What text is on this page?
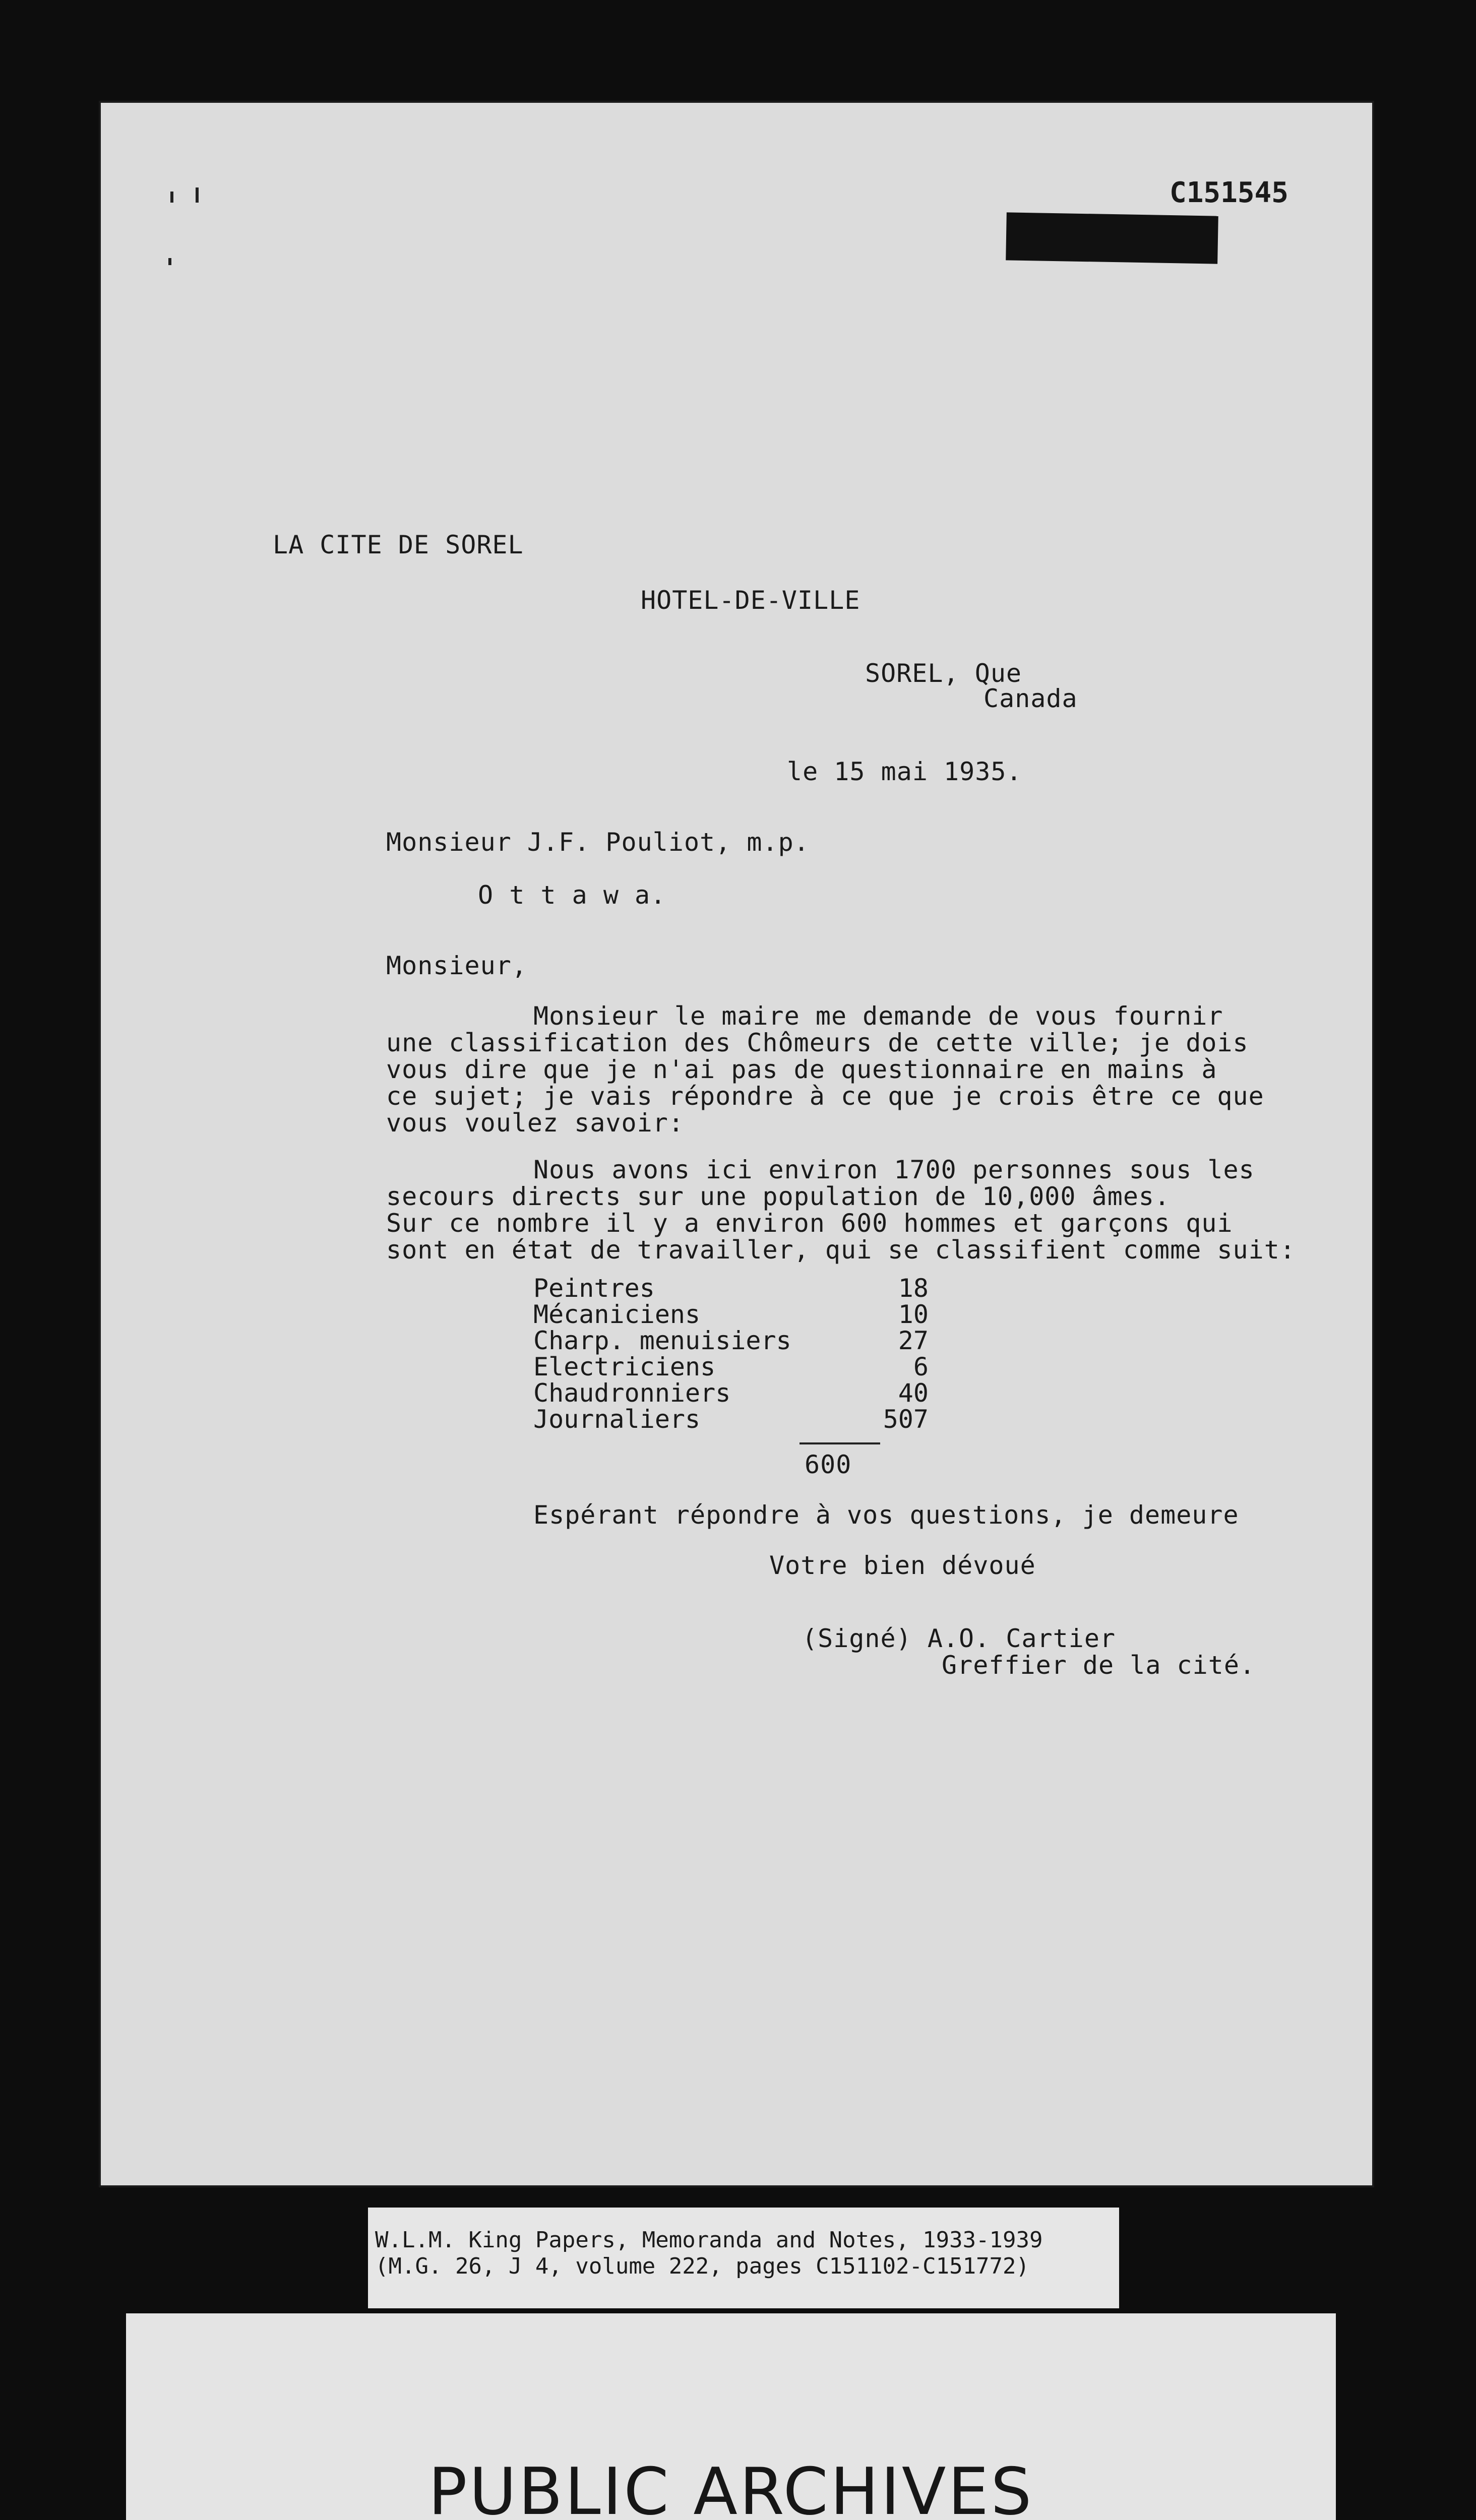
C151545
LA CITE DE SOREL
HOTEL-DE-VILLE
SOREL, Que
Canada
le 15 mai 1935.
Monsieur J.F. Pouliot, m.p.
O t t a w a.
Monsieur,
Monsieur le maire me demande de vous fournir
une classification des Chômeurs de cette ville; je dois
vous dire que je n'ai pas de questionnaire en mains à
ce sujet; je vais répondre à ce que je crois être ce que
vous voulez savoir:
Nous avons ici environ 1700 personnes sous les
secours directs sur une population de 10,000 âmes.
Sur ce nombre il y a environ 600 hommes et garçons qui
sont en état de travailler, qui se classifient comme suit:
Peintres	18
Mécaniciens	10
Charp. menuisiers	27
Electriciens	6
Chaudronniers	40
Journaliers	507
600
Espérant répondre à vos questions, je demeure
Votre bien dévoué
(Signé) A.O. Cartier
Greffier de la cité.
W.L.M. King Papers, Memoranda and Notes, 1933-1939
(M.G. 26, J 4, volume 222, pages C151102-C151772)
PUBLIC ARCHIVES
